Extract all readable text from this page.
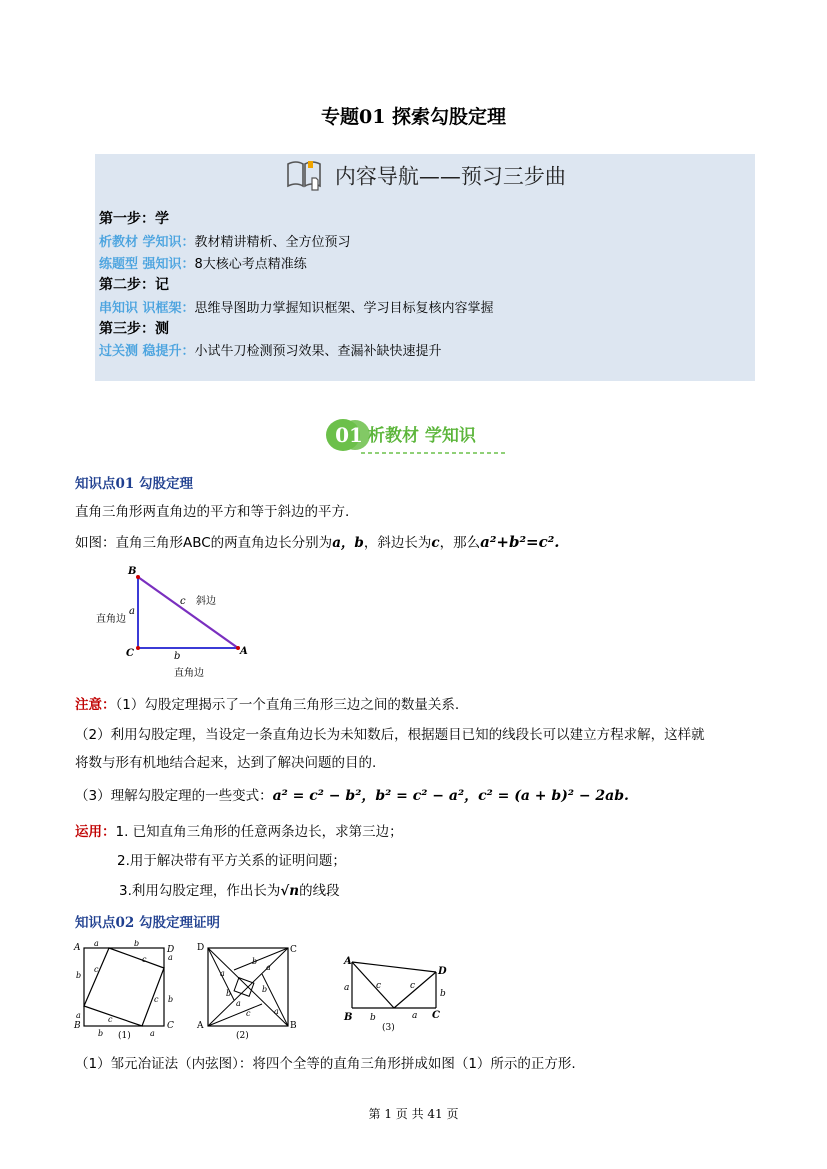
专题01 探索勾股定理
内容导航——预习三步曲
第一步：学
析教材 学知识：教材精讲精析、全方位预习
练题型 强知识：8大核心考点精准练
第二步：记
串知识 识框架：思维导图助力掌握知识框架、学习目标复核内容掌握
第三步：测
过关测 稳提升：小试牛刀检测预习效果、查漏补缺快速提升
01 析教材 学知识
知识点01 勾股定理
直角三角形两直角边的平方和等于斜边的平方.
如图：直角三角形ABC的两直角边长分别为a，b，斜边长为c，那么a²+b²=c².
B
C	A
a
b
c 斜边
直角边
直角边
注意：（1）勾股定理揭示了一个直角三角形三边之间的数量关系.
（2）利用勾股定理，当设定一条直角边长为未知数后，根据题目已知的线段长可以建立方程求解，这样就
将数与形有机地结合起来，达到了解决问题的目的.
（3）理解勾股定理的一些变式：a² = c² − b²，b² = c² − a²，c² = (a + b)² − 2ab.
运用：1. 已知直角三角形的任意两条边长，求第三边；
2.用于解决带有平方关系的证明问题；
3.利用勾股定理，作出长为√n的线段
知识点02 勾股定理证明
A	D
B	C
a	b
b
a
a
b
b	a
c
c
c
c
(1)
D	C
A	B
a
b
a
b
a
b
c	a
(2)
A
D
B	C
a	c	c
b
b	a
(3)
（1）邹元冶证法（内弦图）：将四个全等的直角三角形拼成如图（1）所示的正方形.
第 1 页 共 41 页
